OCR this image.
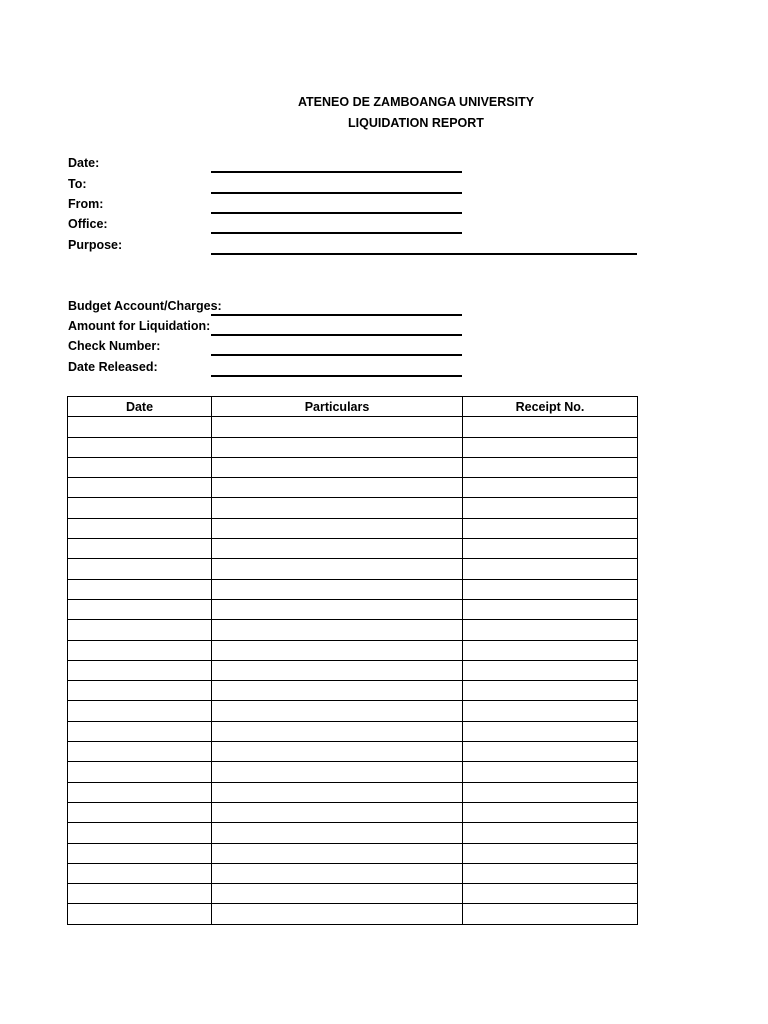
ATENEO DE ZAMBOANGA UNIVERSITY
LIQUIDATION REPORT
Date:
To:
From:
Office:
Purpose:
Budget Account/Charges:
Amount for Liquidation:
Check Number:
Date Released:
Date	Particulars	Receipt No.
